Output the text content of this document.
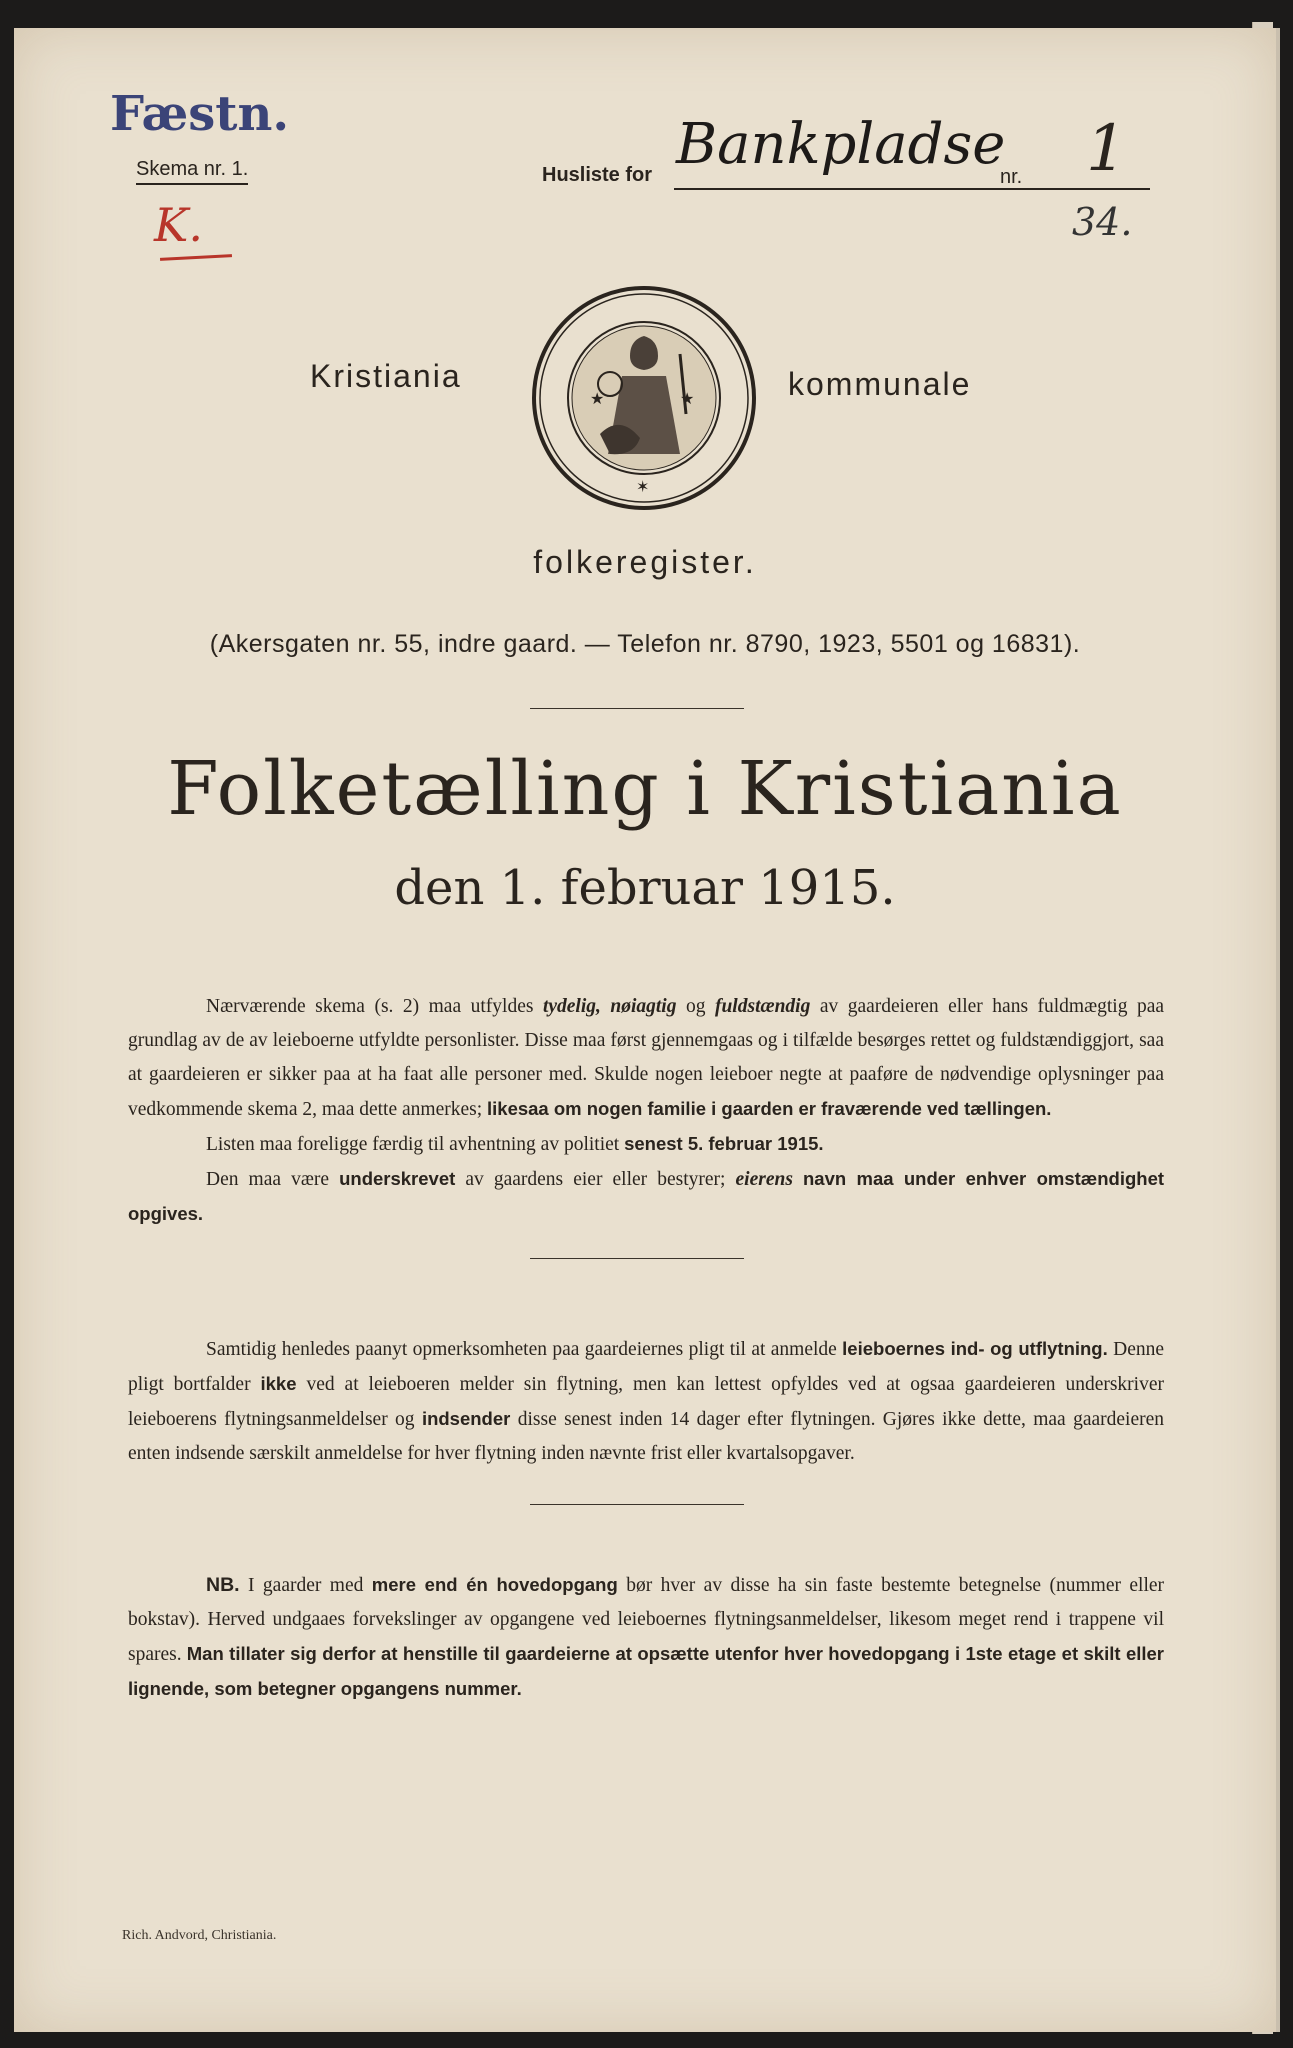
Fæstn.
Skema nr. 1.
K.
Husliste for Bankpladse
nr. 1
34.
Kristiania
★	★
✶
kommunale
folkeregister.
(Akersgaten nr. 55, indre gaard. — Telefon nr. 8790, 1923, 5501 og 16831).
Folketælling i Kristiania
den 1. februar 1915.

Nærværende skema (s. 2) maa utfyldes tydelig, nøiagtig og fuldstændig av gaardeieren eller hans fuldmægtig paa grundlag av de av leieboerne utfyldte personlister. Disse maa først gjennemgaas og i tilfælde besørges rettet og fuldstændiggjort, saa at gaardeieren er sikker paa at ha faat alle personer med. Skulde nogen leieboer negte at paaføre de nødvendige oplysninger paa vedkommende skema 2, maa dette anmerkes; likesaa om nogen familie i gaarden er fraværende ved tællingen.

Listen maa foreligge færdig til avhentning av politiet senest 5. februar 1915.

Den maa være underskrevet av gaardens eier eller bestyrer; eierens navn maa under enhver omstændighet opgives.

Samtidig henledes paanyt opmerksomheten paa gaardeiernes pligt til at anmelde leieboernes ind- og utflytning. Denne pligt bortfalder ikke ved at leieboeren melder sin flytning, men kan lettest opfyldes ved at ogsaa gaardeieren underskriver leieboerens flytningsanmeldelser og indsender disse senest inden 14 dager efter flytningen. Gjøres ikke dette, maa gaardeieren enten indsende særskilt anmeldelse for hver flytning inden nævnte frist eller kvartalsopgaver.

NB. I gaarder med mere end én hovedopgang bør hver av disse ha sin faste bestemte betegnelse (nummer eller bokstav). Herved undgaaes forvekslinger av opgangene ved leieboernes flytningsanmeldelser, likesom meget rend i trappene vil spares. Man tillater sig derfor at henstille til gaardeierne at opsætte utenfor hver hovedopgang i 1ste etage et skilt eller lignende, som betegner opgangens nummer.

Rich. Andvord, Christiania.
